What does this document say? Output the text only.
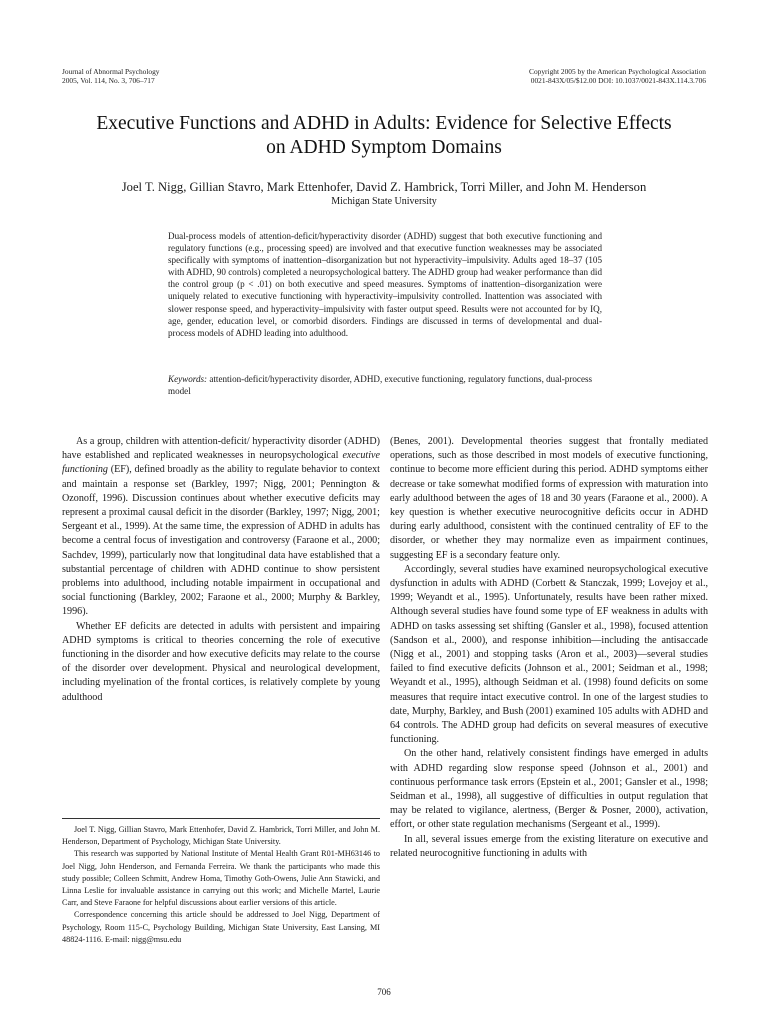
Journal of Abnormal Psychology
2005, Vol. 114, No. 3, 706–717
Copyright 2005 by the American Psychological Association
0021-843X/05/$12.00 DOI: 10.1037/0021-843X.114.3.706
Executive Functions and ADHD in Adults: Evidence for Selective Effects
on ADHD Symptom Domains
Joel T. Nigg, Gillian Stavro, Mark Ettenhofer, David Z. Hambrick, Torri Miller, and John M. Henderson
Michigan State University

Dual-process models of attention-deficit/hyperactivity disorder (ADHD) suggest that both executive functioning and regulatory functions (e.g., processing speed) are involved and that executive function weaknesses may be associated specifically with symptoms of inattention–disorganization but not hyperactivity–impulsivity. Adults aged 18–37 (105 with ADHD, 90 controls) completed a neuropsychological battery. The ADHD group had weaker performance than did the control group (p < .01) on both executive and speed measures. Symptoms of inattention–disorganization were uniquely related to executive functioning with hyperactivity–impulsivity controlled. Inattention was associated with slower response speed, and hyperactivity–impulsivity with faster output speed. Results were not accounted for by IQ, age, gender, education level, or comorbid disorders. Findings are discussed in terms of developmental and dual-process models of ADHD leading into adulthood.

Keywords: attention-deficit/hyperactivity disorder, ADHD, executive functioning, regulatory functions, dual-process model

As a group, children with attention-deficit/ hyperactivity disorder (ADHD) have established and replicated weaknesses in neuropsychological executive functioning (EF), defined broadly as the ability to regulate behavior to context and maintain a response set (Barkley, 1997; Nigg, 2001; Pennington & Ozonoff, 1996). Discussion continues about whether executive deficits may represent a proximal causal deficit in the disorder (Barkley, 1997; Nigg, 2001; Sergeant et al., 1999). At the same time, the expression of ADHD in adults has become a central focus of investigation and controversy (Faraone et al., 2000; Sachdev, 1999), particularly now that longitudinal data have established that a substantial percentage of children with ADHD continue to show persistent problems into adulthood, including notable impairment in occupational and social functioning (Barkley, 2002; Faraone et al., 2000; Murphy & Barkley, 1996).

Whether EF deficits are detected in adults with persistent and impairing ADHD symptoms is critical to theories concerning the role of executive functioning in the disorder and how executive deficits may relate to the course of the disorder over development. Physical and neurological development, including myelination of the frontal cortices, is relatively complete by young adulthood

(Benes, 2001). Developmental theories suggest that frontally mediated operations, such as those described in most models of executive functioning, continue to become more efficient during this period. ADHD symptoms either decrease or take somewhat modified forms of expression with maturation into early adulthood between the ages of 18 and 30 years (Faraone et al., 2000). A key question is whether executive neurocognitive deficits occur in ADHD during early adulthood, consistent with the continued centrality of EF to the disorder, or whether they may normalize even as impairment continues, suggesting EF is a secondary feature only.

Accordingly, several studies have examined neuropsychological executive dysfunction in adults with ADHD (Corbett & Stanczak, 1999; Lovejoy et al., 1999; Weyandt et al., 1995). Unfortunately, results have been rather mixed. Although several studies have found some type of EF weakness in adults with ADHD on tasks assessing set shifting (Gansler et al., 1998), focused attention (Sandson et al., 2000), and response inhibition—including the antisaccade (Nigg et al., 2001) and stopping tasks (Aron et al., 2003)—several studies failed to find executive deficits (Johnson et al., 2001; Seidman et al., 1998; Weyandt et al., 1995), although Seidman et al. (1998) found deficits on some measures that require intact executive control. In one of the largest studies to date, Murphy, Barkley, and Bush (2001) examined 105 adults with ADHD and 64 controls. The ADHD group had deficits on several measures of executive functioning.

On the other hand, relatively consistent findings have emerged in adults with ADHD regarding slow response speed (Johnson et al., 2001) and continuous performance task errors (Epstein et al., 2001; Gansler et al., 1998; Seidman et al., 1998), all suggestive of difficulties in output regulation that may be related to vigilance, alertness, (Berger & Posner, 2000), activation, effort, or other state regulation mechanisms (Sergeant et al., 1999).

In all, several issues emerge from the existing literature on executive and related neurocognitive functioning in adults with

Joel T. Nigg, Gillian Stavro, Mark Ettenhofer, David Z. Hambrick, Torri Miller, and John M. Henderson, Department of Psychology, Michigan State University.

This research was supported by National Institute of Mental Health Grant R01-MH63146 to Joel Nigg, John Henderson, and Fernanda Ferreira. We thank the participants who made this study possible; Colleen Schmitt, Andrew Homa, Timothy Goth-Owens, Julie Ann Stawicki, and Linna Leslie for invaluable assistance in carrying out this work; and Michelle Martel, Laurie Carr, and Steve Faraone for helpful discussions about earlier versions of this article.

Correspondence concerning this article should be addressed to Joel Nigg, Department of Psychology, Room 115-C, Psychology Building, Michigan State University, East Lansing, MI 48824-1116. E-mail: nigg@msu.edu

706
